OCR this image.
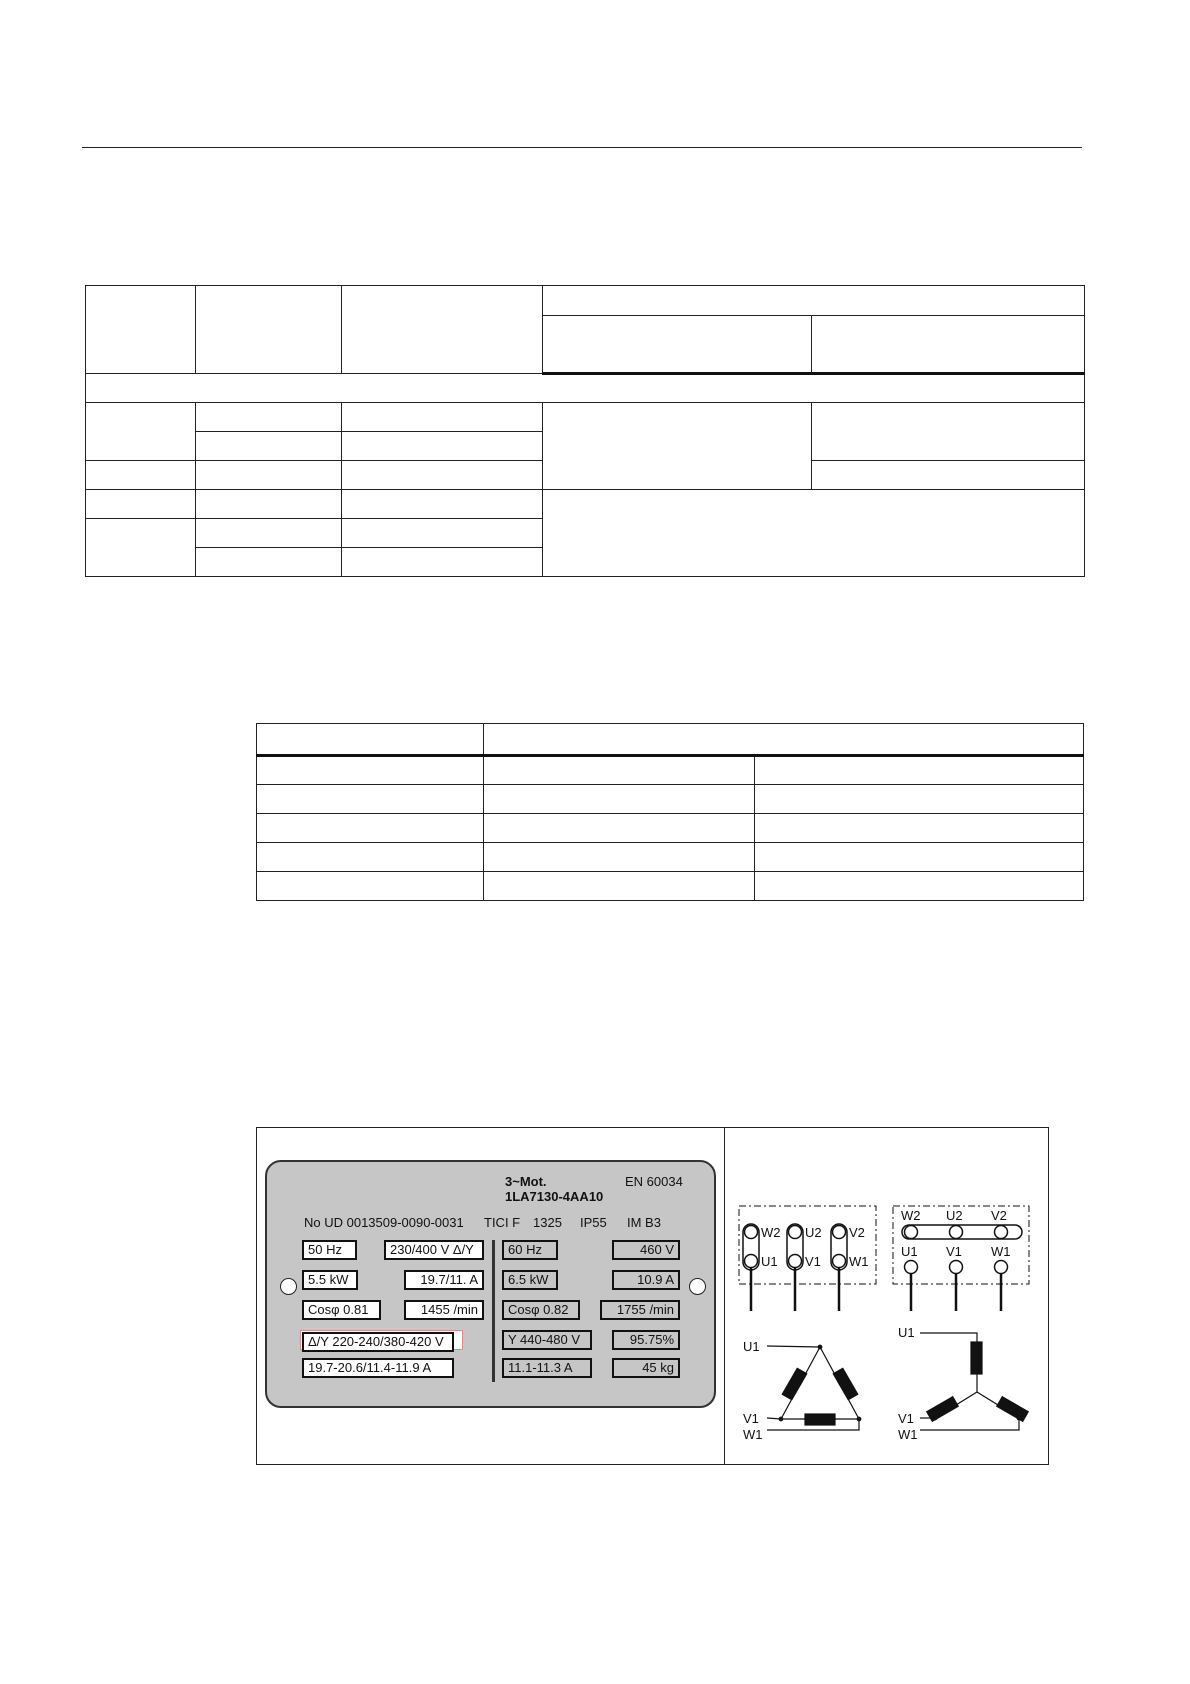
3~Mot.	EN 60034
1LA7130-4AA10
No UD 0013509-0090-0031 TICI F 1325 IP55 IM B3
50 Hz	230/400 V Δ/Y
5.5 kW	19.7/11. A
Cosφ 0.81	1455 /min
Δ/Y 220-240/380-420 V
19.7-20.6/11.4-11.9 A
60 Hz	460 V
6.5 kW	10.9 A
Cosφ 0.82	1755 /min
Y 440-480 V	95.75%
11.1-11.3 A	45 kg
W2 U2 V2
U1 V1 W1
W2 U2 V2
U1 V1 W1
U1
V1
W1
U1
V1
W1
